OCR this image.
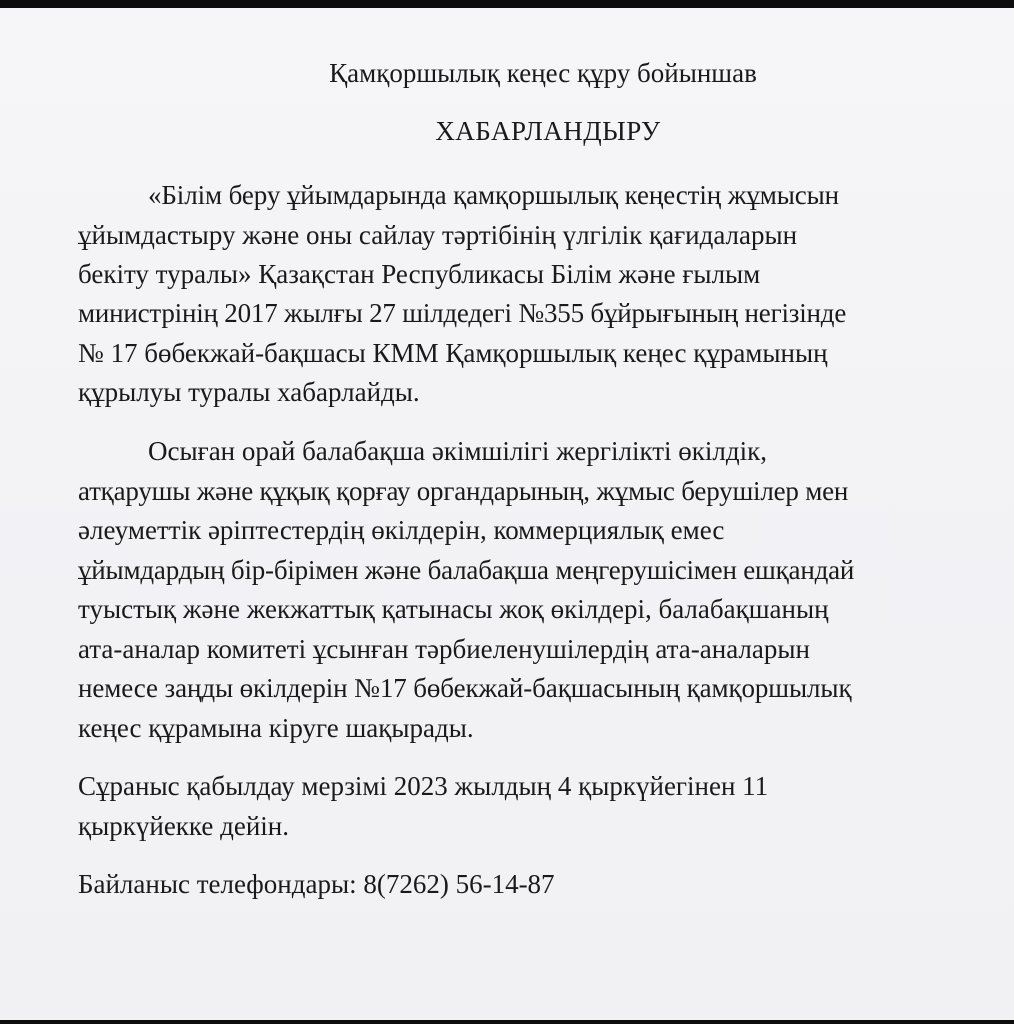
Қамқоршылық кеңес құру бойыншав

ХАБАРЛАНДЫРУ

«Білім беру ұйымдарында қамқоршылық кеңестің жұмысын

ұйымдастыру және оны сайлау тәртібінің үлгілік қағидаларын

бекіту туралы» Қазақстан Республикасы Білім және ғылым

министрінің 2017 жылғы 27 шілдедегі №355 бұйрығының негізінде

№ 17 бөбекжай-бақшасы КММ Қамқоршылық кеңес құрамының

құрылуы туралы хабарлайды.

Осыған орай балабақша әкімшілігі жергілікті өкілдік,

атқарушы және құқық қорғау органдарының, жұмыс берушілер мен

әлеуметтік әріптестердің өкілдерін, коммерциялық емес

ұйымдардың бір-бірімен және балабақша меңгерушісімен ешқандай

туыстық және жекжаттық қатынасы жоқ өкілдері, балабақшаның

ата-аналар комитеті ұсынған тәрбиеленушілердің ата-аналарын

немесе заңды өкілдерін №17 бөбекжай-бақшасының қамқоршылық

кеңес құрамына кіруге шақырады.

Сұраныс қабылдау мерзімі 2023 жылдың 4 қыркүйегінен 11

қыркүйекке дейін.

Байланыс телефондары: 8(7262) 56-14-87
